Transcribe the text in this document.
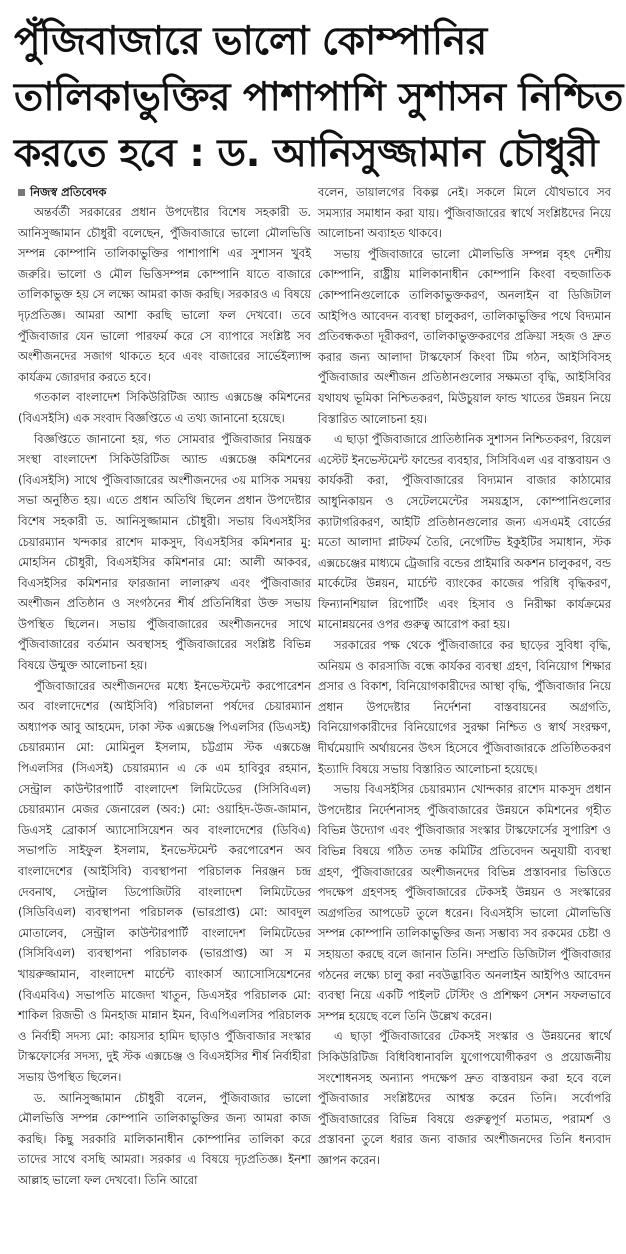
পুঁজিবাজারে ভালো কোম্পানির
তালিকাভুক্তির পাশাপাশি সুশাসন নিশ্চিত
করতে হবে : ড. আনিসুজ্জামান চৌধুরী
নিজস্ব প্রতিবেদক

অন্তর্বর্তী সরকারের প্রধান উপদেষ্টার বিশেষ সহকারী ড. আনিসুজ্জামান চৌধুরী বলেছেন, পুঁজিবাজারে ভালো মৌলভিত্তি সম্পন্ন কোম্পানি তালিকাভুক্তির পাশাপাশি এর সুশাসন খুবই জরুরি। ভালো ও মৌল ভিত্তিসম্পন্ন কোম্পানি যাতে বাজারে তালিকাভুক্ত হয় সে লক্ষ্যে আমরা কাজ করছি। সরকারও এ বিষয়ে দৃঢ়প্রতিজ্ঞ। আমরা আশা করছি ভালো ফল দেখবো। তবে পুঁজিবাজার যেন ভালো পারফর্ম করে সে ব্যাপারে সংশ্লিষ্ট সব অংশীজনদের সজাগ থাকতে হবে এবং বাজারের সার্ভেইল্যান্স কার্যক্রম জোরদার করতে হবে।

গতকাল বাংলাদেশ সিকিউরিটিজ অ্যান্ড এক্সচেঞ্জ কমিশনের (বিএসইসি) এক সংবাদ বিজ্ঞপ্তিতে এ তথ্য জানানো হয়েছে।

বিজ্ঞপ্তিতে জানানো হয়, গত সোমবার পুঁজিবাজার নিয়ন্ত্রক সংস্থা বাংলাদেশ সিকিউরিটিজ অ্যান্ড এক্সচেঞ্জ কমিশনের (বিএসইসি) সাথে পুঁজিবাজারের অংশীজনদের ৩য় মাসিক সমন্বয় সভা অনুষ্ঠিত হয়। এতে প্রধান অতিথি ছিলেন প্রধান উপদেষ্টার বিশেষ সহকারী ড. আনিসুজ্জামান চৌধুরী। সভায় বিএসইসির চেয়ারম্যান খন্দকার রাশেদ মাকসুদ, বিএসইসির কমিশনার মু: মোহসিন চৌধুরী, বিএসইসির কমিশনার মো: আলী আকবর, বিএসইসির কমিশনার ফারজানা লালারুখ এবং পুঁজিবাজার অংশীজন প্রতিষ্ঠান ও সংগঠনের শীর্ষ প্রতিনিধিরা উক্ত সভায় উপস্থিত ছিলেন। সভায় পুঁজিবাজারের অংশীজনদের সাথে পুঁজিবাজারের বর্তমান অবস্থাসহ পুঁজিবাজারের সংশ্লিষ্ট বিভিন্ন বিষয়ে উন্মুক্ত আলোচনা হয়।

পুঁজিবাজারের অংশীজনদের মধ্যে ইনভেস্টমেন্ট করপোরেশন অব বাংলাদেশের (আইসিবি) পরিচালনা পর্ষদের চেয়ারম্যান অধ্যাপক আবু আহমেদ, ঢাকা স্টক এক্সচেঞ্জ পিএলসির (ডিএসই) চেয়ারম্যান মো: মোমিনুল ইসলাম, চট্টগ্রাম স্টক এক্সচেঞ্জ পিএলসির (সিএসই) চেয়ারম্যান এ কে এম হাবিবুর রহমান, সেন্ট্রাল কাউন্টারপার্টি বাংলাদেশ লিমিটেডের (সিসিবিএল) চেয়ারম্যান মেজর জেনারেল (অব:) মো: ওয়াহিদ-উজ-জামান, ডিএসই ব্রোকার্স অ্যাসোসিয়েশন অব বাংলাদেশের (ডিবিএ) সভাপতি সাইফুল ইসলাম, ইনভেস্টমেন্ট করপোরেশন অব বাংলাদেশের (আইসিবি) ব্যবস্থাপনা পরিচালক নিরঞ্জন চন্দ্র দেবনাথ, সেন্ট্রাল ডিপোজিটরি বাংলাদেশ লিমিটেডের (সিডিবিএল) ব্যবস্থাপনা পরিচালক (ভারপ্রাপ্ত) মো: আবদুল মোতালেব, সেন্ট্রাল কাউন্টারপার্টি বাংলাদেশ লিমিটেডের (সিসিবিএল) ব্যবস্থাপনা পরিচালক (ভারপ্রাপ্ত) আ স ম খায়রুজ্জামান, বাংলাদেশ মার্চেন্ট ব্যাংকার্স অ্যাসোসিয়েশনের (বিএমবিএ) সভাপতি মাজেদা খাতুন, ডিএসইর পরিচালক মো: শাকিল রিজভী ও মিনহাজ মান্নান ইমন, বিএপিএলসির পরিচালক ও নির্বাহী সদস্য মো: কায়সার হামিদ ছাড়াও পুঁজিবাজার সংস্কার টাস্কফোর্সের সদস্য, দুই স্টক এক্সচেঞ্জ ও বিএসইসির শীর্ষ নির্বাহীরা সভায় উপস্থিত ছিলেন।

ড. আনিসুজ্জামান চৌধুরী বলেন, পুঁজিবাজার ভালো মৌলভিত্তি সম্পন্ন কোম্পানি তালিকাভুক্তির জন্য আমরা কাজ করছি। কিছু সরকারি মালিকানাধীন কোম্পানির তালিকা করে তাদের সাথে বসছি আমরা। সরকার এ বিষয়ে দৃঢ়প্রতিজ্ঞ। ইনশা আল্লাহ ভালো ফল দেখবো। তিনি আরো

বলেন, ডায়ালগের বিকল্প নেই। সকলে মিলে যৌথভাবে সব সমস্যার সমাধান করা যায়। পুঁজিবাজারের স্বার্থে সংশ্লিষ্টদের নিয়ে আলোচনা অব্যাহত থাকবে।

সভায় পুঁজিবাজারে ভালো মৌলভিত্তি সম্পন্ন বৃহৎ দেশীয় কোম্পানি, রাষ্ট্রীয় মালিকানাধীন কোম্পানি কিংবা বহুজাতিক কোম্পানিগুলোকে তালিকাভুক্তকরণ, অনলাইন বা ডিজিটাল আইপিও আবেদন ব্যবস্থা চালুকরণ, তালিকাভুক্তির পথে বিদ্যমান প্রতিবন্ধকতা দূরীকরণ, তালিকাভুক্তকরণের প্রক্রিয়া সহজ ও দ্রুত করার জন্য আলাদা টাস্কফোর্স কিংবা টিম গঠন, আইসিবিসহ পুঁজিবাজার অংশীজন প্রতিষ্ঠানগুলোর সক্ষমতা বৃদ্ধি, আইসিবির যথাযথ ভূমিকা নিশ্চিতকরণ, মিউচুয়াল ফান্ড খাতের উন্নয়ন নিয়ে বিস্তারিত আলোচনা হয়।

এ ছাড়া পুঁজিবাজারে প্রাতিষ্ঠানিক সুশাসন নিশ্চিতকরণ, রিয়েল এস্টেট ইনভেস্টমেন্ট ফান্ডের ব্যবহার, সিসিবিএল এর বাস্তবায়ন ও কার্যকরী করা, পুঁজিবাজারের বিদ্যমান বাজার কাঠামোর আধুনিকায়ন ও সেটেলমেন্টের সময়হ্রাস, কোম্পানিগুলোর ক্যাটাগরিকরণ, আইটি প্রতিষ্ঠানগুলোর জন্য এসএমই বোর্ডের মতো আলাদা প্লাটফর্ম তৈরি, নেগেটিভ ইকুইটির সমাধান, স্টক এক্সচেঞ্জের মাধ্যমে ট্রেজারি বন্ডের প্রাইমারি অকশন চালুকরণ, বন্ড মার্কেটের উন্নয়ন, মার্চেন্ট ব্যাংকের কাজের পরিধি বৃদ্ধিকরণ, ফিন্যানশিয়াল রিপোর্টিং এবং হিসাব ও নিরীক্ষা কার্যক্রমের মানোন্নয়নের ওপর গুরুত্ব আরোপ করা হয়।

সরকারের পক্ষ থেকে পুঁজিবাজারে কর ছাড়ের সুবিধা বৃদ্ধি, অনিয়ম ও কারসাজি বন্ধে কার্যকর ব্যবস্থা গ্রহণ, বিনিয়োগ শিক্ষার প্রসার ও বিকাশ, বিনিয়োগকারীদের আস্থা বৃদ্ধি, পুঁজিবাজার নিয়ে প্রধান উপদেষ্টার নির্দেশনা বাস্তবায়নের অগ্রগতি, বিনিয়োগকারীদের বিনিয়োগের সুরক্ষা নিশ্চিত ও স্বার্থ সংরক্ষণ, দীর্ঘমেয়াদি অর্থায়নের উৎস হিসেবে পুঁজিবাজারকে প্রতিষ্ঠিতকরণ ইত্যাদি বিষয়ে সভায় বিস্তারিত আলোচনা হয়েছে।

সভায় বিএসইসির চেয়ারম্যান খোন্দকার রাশেদ মাকসুদ প্রধান উপদেষ্টার নির্দেশনাসহ পুঁজিবাজারের উন্নয়নে কমিশনের গৃহীত বিভিন্ন উদ্যোগ এবং পুঁজিবাজার সংস্কার টাস্কফোর্সের সুপারিশ ও বিভিন্ন বিষয়ে গঠিত তদন্ত কমিটির প্রতিবেদন অনুযায়ী ব্যবস্থা গ্রহণ, পুঁজিবাজারের অংশীজনদের বিভিন্ন প্রস্তাবনার ভিত্তিতে পদক্ষেপ গ্রহণসহ পুঁজিবাজারের টেকসই উন্নয়ন ও সংস্কারের অগ্রগতির আপডেট তুলে ধরেন। বিএসইসি ভালো মৌলভিত্তি সম্পন্ন কোম্পানি তালিকাভুক্তির জন্য সম্ভাব্য সব রকমের চেষ্টা ও সহায়তা করছে বলে জানান তিনি। সম্প্রতি ডিজিটাল পুঁজিবাজার গঠনের লক্ষ্যে চালু করা নবউদ্ভাবিত অনলাইন আইপিও আবেদন ব্যবস্থা নিয়ে একটি পাইলট টেস্টিং ও প্রশিক্ষণ সেশন সফলভাবে সম্পন্ন হয়েছে বলে তিনি উল্লেখ করেন।

এ ছাড়া পুঁজিবাজারের টেকসই সংস্কার ও উন্নয়নের স্বার্থে সিকিউরিটিজ বিধিবিধানাবলি যুগোপযোগীকরণ ও প্রয়োজনীয় সংশোধনসহ অন্যান্য পদক্ষেপ দ্রুত বাস্তবায়ন করা হবে বলে পুঁজিবাজার সংশ্লিষ্টদের আশ্বস্ত করেন তিনি। সর্বোপরি পুঁজিবাজারের বিভিন্ন বিষয়ে গুরুত্বপূর্ণ মতামত, পরামর্শ ও প্রস্তাবনা তুলে ধরার জন্য বাজার অংশীজনদের তিনি ধন্যবাদ জ্ঞাপন করেন।
